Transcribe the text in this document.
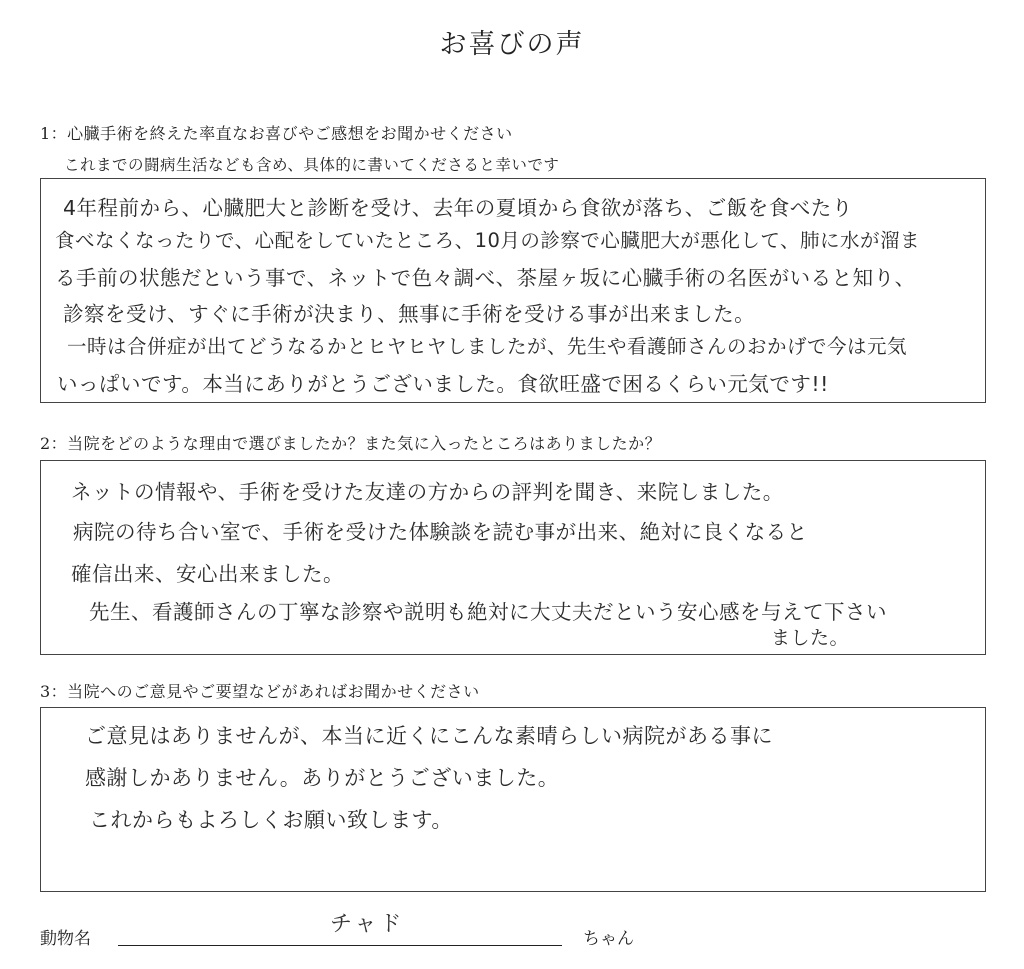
お喜びの声
1：心臓手術を終えた率直なお喜びやご感想をお聞かせください
これまでの闘病生活なども含め、具体的に書いてくださると幸いです
4年程前から、心臓肥大と診断を受け、去年の夏頃から食欲が落ち、ご飯を食べたり
食べなくなったりで、心配をしていたところ、10月の診察で心臓肥大が悪化して、肺に水が溜ま
る手前の状態だという事で、ネットで色々調べ、茶屋ヶ坂に心臓手術の名医がいると知り、
診察を受け、すぐに手術が決まり、無事に手術を受ける事が出来ました。
一時は合併症が出てどうなるかとヒヤヒヤしましたが、先生や看護師さんのおかげで今は元気
いっぱいです。本当にありがとうございました。食欲旺盛で困るくらい元気です!!
2：当院をどのような理由で選びましたか？また気に入ったところはありましたか？
ネットの情報や、手術を受けた友達の方からの評判を聞き、来院しました。
病院の待ち合い室で、手術を受けた体験談を読む事が出来、絶対に良くなると
確信出来、安心出来ました。
先生、看護師さんの丁寧な診察や説明も絶対に大丈夫だという安心感を与えて下さい
ました。
3：当院へのご意見やご要望などがあればお聞かせください
ご意見はありませんが、本当に近くにこんな素晴らしい病院がある事に
感謝しかありません。ありがとうございました。
これからもよろしくお願い致します。
動物名
チャド
ちゃん
